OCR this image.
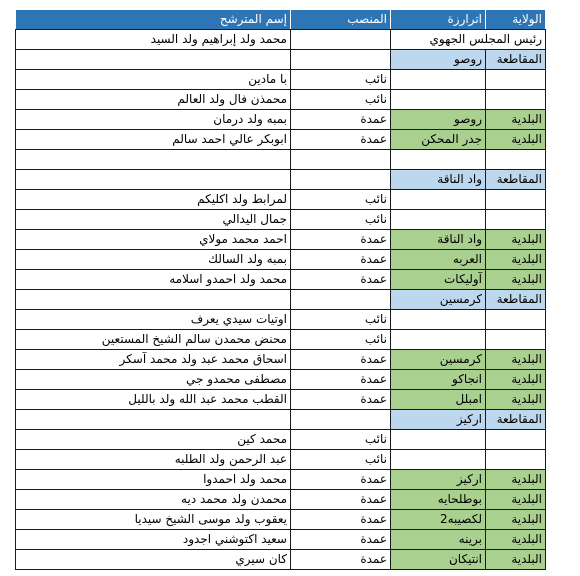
الولاية	اترارزة	المنصب	إسم المترشح
رئيس المجلس الجهوي			محمد ولد إبراهيم ولد السيد
المقاطعة	روصو		
		نائب	با مادين
		نائب	محمذن فال ولد العالم
البلدية	روصو	عمدة	بمبه ولد درمان
البلدية	جدر المحكن	عمدة	ابوبكر عالي احمد سالم

المقاطعة	واد الناقة		
		نائب	لمرابط ولد اكليكم
		نائب	جمال اليدالي
البلدية	واد الناقة	عمدة	احمد محمد مولاي
البلدية	العربه	عمدة	بمبه ولد السالك
البلدية	آوليكات	عمدة	محمد ولد احمدو اسلامه
المقاطعة	كرمسين		
		نائب	اوتيات سيدي يعرف
		نائب	محنض محمدن سالم الشيخ المستعين
البلدية	كرمسين	عمدة	اسحاق محمد عبد ولد محمد آسكر
البلدية	انجاكو	عمدة	مصطفى محمدو جي
البلدية	امبلل	عمدة	القطب محمد عبد الله ولد بالليل
المقاطعة	اركيز		
		نائب	محمد كين
		نائب	عبد الرحمن ولد الطلبه
البلدية	اركيز	عمدة	محمد ولد احمدوا
البلدية	بوطلحايه	عمدة	محمدن ولد محمد ديه
البلدية	لكصيبه2	عمدة	يعقوب ولد موسى الشيخ سيديا
البلدية	برينه	عمدة	سعيد اكتوشني اجدود
البلدية	انتيكان	عمدة	كان سيري
